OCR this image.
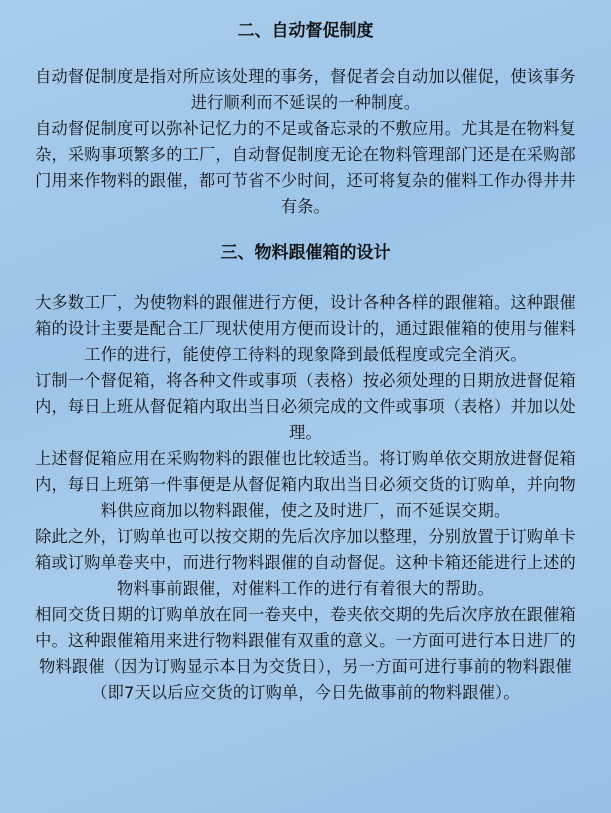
二、自动督促制度

自动督促制度是指对所应该处理的事务，督促者会自动加以催促，使该事务进行顺利而不延误的一种制度。

自动督促制度可以弥补记忆力的不足或备忘录的不敷应用。尤其是在物料复杂，采购事项繁多的工厂，自动督促制度无论在物料管理部门还是在采购部门用来作物料的跟催，都可节省不少时间，还可将复杂的催料工作办得井井有条。

三、物料跟催箱的设计

大多数工厂，为使物料的跟催进行方便，设计各种各样的跟催箱。这种跟催箱的设计主要是配合工厂现状使用方便而设计的，通过跟催箱的使用与催料工作的进行，能使停工待料的现象降到最低程度或完全消灭。

订制一个督促箱，将各种文件或事项（表格）按必须处理的日期放进督促箱内，每日上班从督促箱内取出当日必须完成的文件或事项（表格）并加以处理。

上述督促箱应用在采购物料的跟催也比较适当。将订购单依交期放进督促箱内，每日上班第一件事便是从督促箱内取出当日必须交货的订购单，并向物料供应商加以物料跟催，使之及时进厂，而不延误交期。

除此之外，订购单也可以按交期的先后次序加以整理，分别放置于订购单卡箱或订购单卷夹中，而进行物料跟催的自动督促。这种卡箱还能进行上述的物料事前跟催，对催料工作的进行有着很大的帮助。

相同交货日期的订购单放在同一卷夹中，卷夹依交期的先后次序放在跟催箱中。这种跟催箱用来进行物料跟催有双重的意义。一方面可进行本日进厂的物料跟催（因为订购显示本日为交货日），另一方面可进行事前的物料跟催（即7天以后应交货的订购单，今日先做事前的物料跟催）。
